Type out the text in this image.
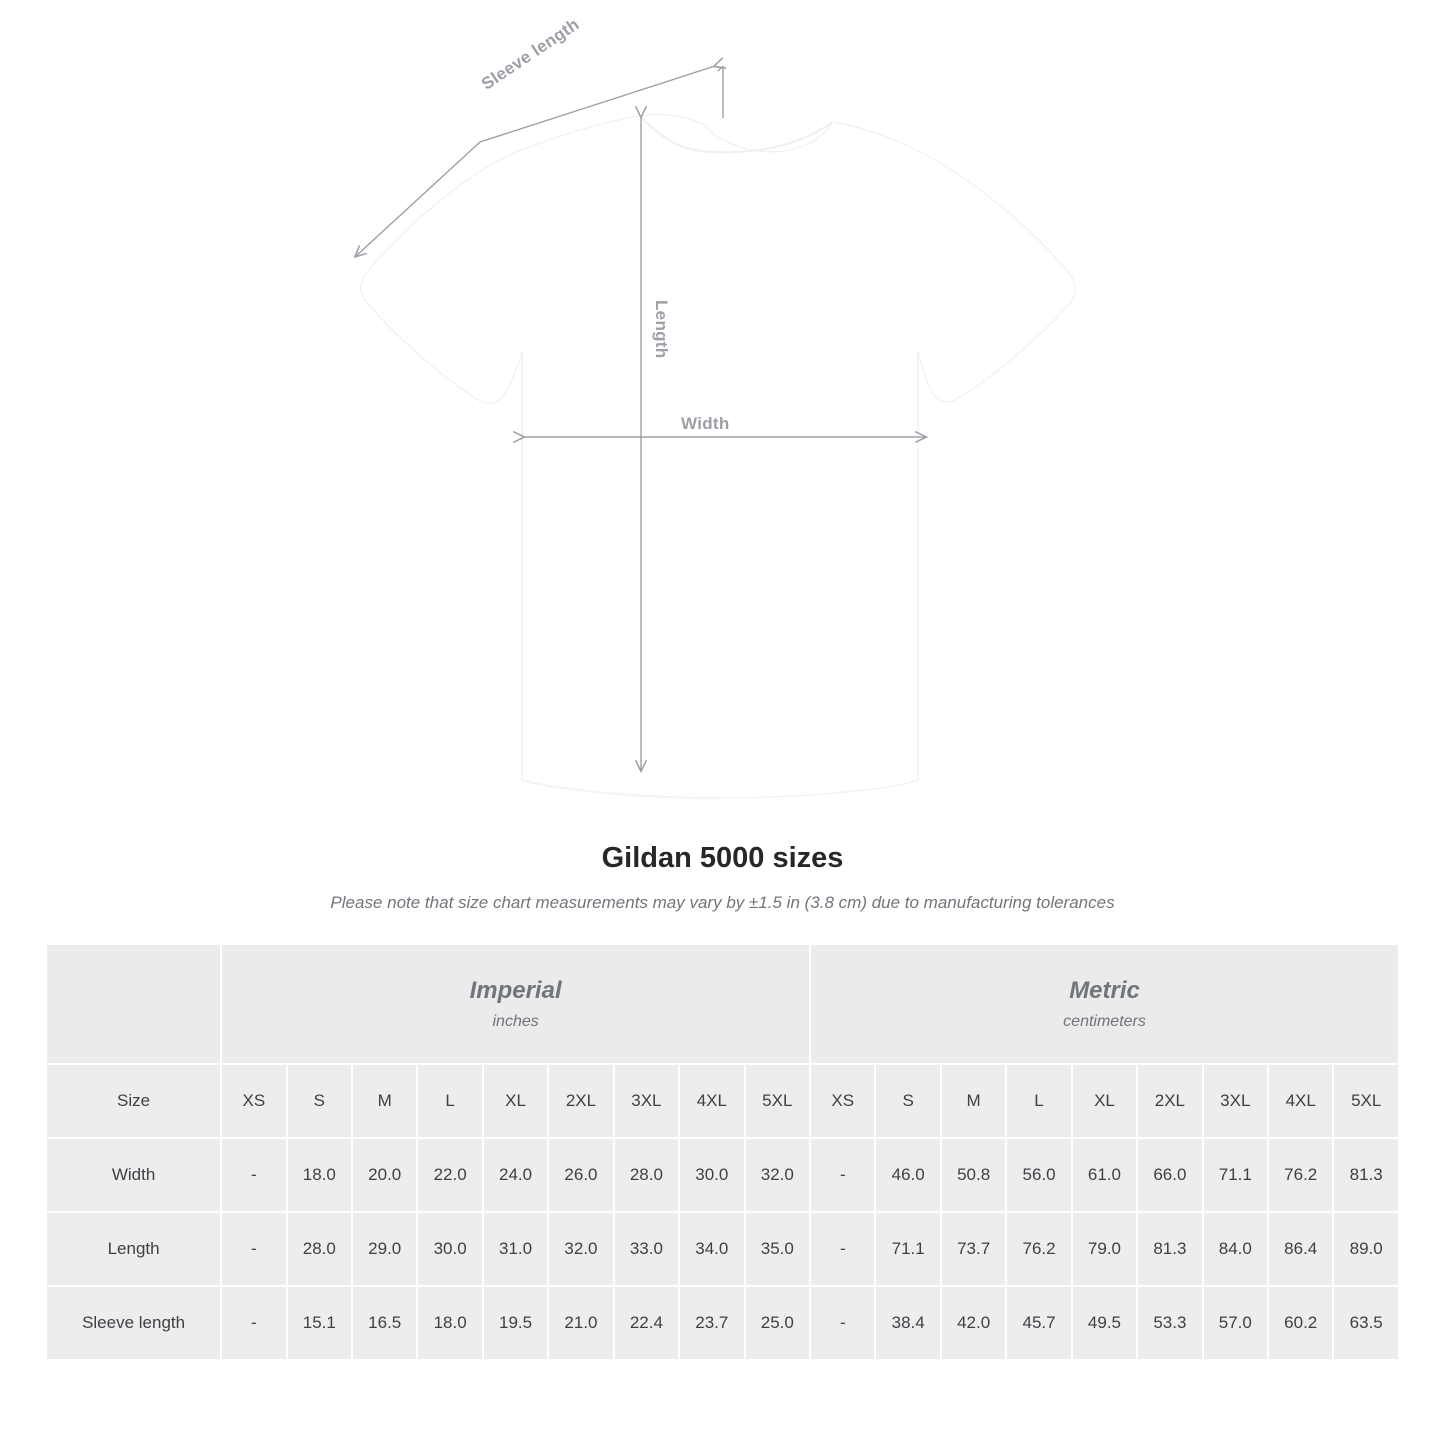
Sleeve length
Length
Width
Gildan 5000 sizes

Please note that size chart measurements may vary by ±1.5 in (3.8 cm) due to manufacturing tolerances

	Imperial
inches									Metric
centimeters								

Size	XS	S	M	L	XL	2XL	3XL	4XL	5XL	XS	S	M	L	XL	2XL	3XL	4XL	5XL
Width	-	18.0	20.0	22.0	24.0	26.0	28.0	30.0	32.0	-	46.0	50.8	56.0	61.0	66.0	71.1	76.2	81.3
Length	-	28.0	29.0	30.0	31.0	32.0	33.0	34.0	35.0	-	71.1	73.7	76.2	79.0	81.3	84.0	86.4	89.0
Sleeve length	-	15.1	16.5	18.0	19.5	21.0	22.4	23.7	25.0	-	38.4	42.0	45.7	49.5	53.3	57.0	60.2	63.5
